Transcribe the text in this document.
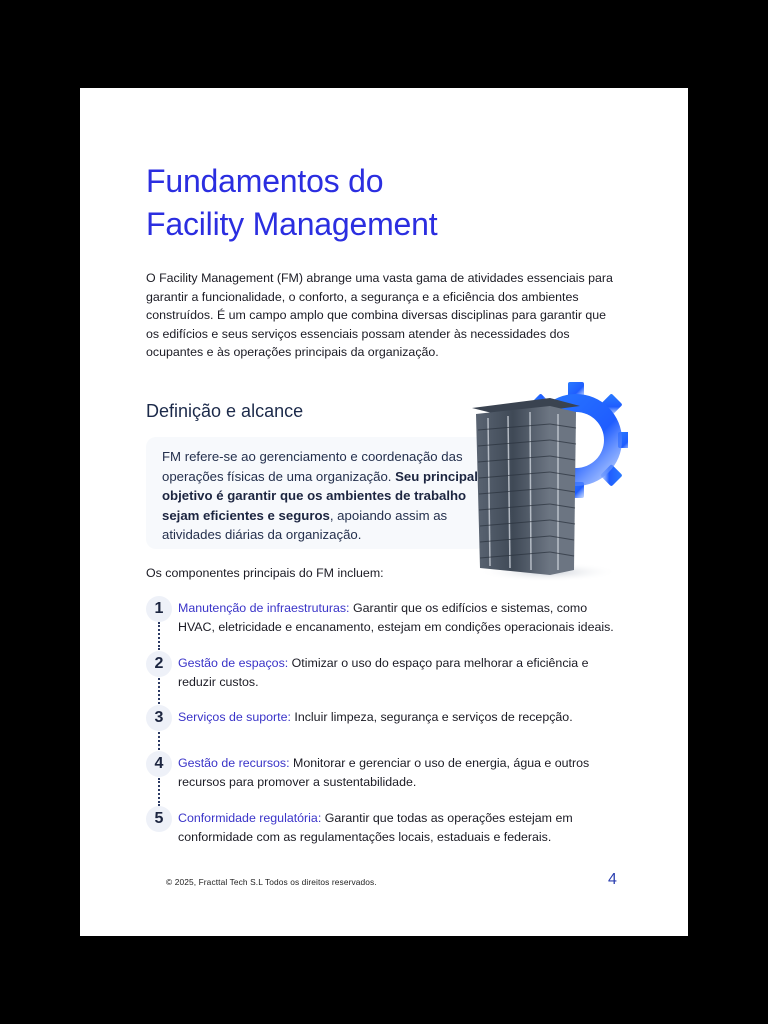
Fundamentos do
Facility Management

O Facility Management (FM) abrange uma vasta gama de atividades essenciais para garantir a funcionalidade, o conforto, a segurança e a eficiência dos ambientes construídos. É um campo amplo que combina diversas disciplinas para garantir que os edifícios e seus serviços essenciais possam atender às necessidades dos ocupantes e às operações principais da organização.

Definição e alcance

FM refere-se ao gerenciamento e coordenação das operações físicas de uma organização. Seu principal objetivo é garantir que os ambientes de trabalho sejam eficientes e seguros, apoiando assim as atividades diárias da organização.

Os componentes principais do FM incluem:

1	Manutenção de infraestruturas: Garantir que os edifícios e sistemas, como HVAC, eletricidade e encanamento, estejam em condições operacionais ideais.

2	Gestão de espaços: Otimizar o uso do espaço para melhorar a eficiência e reduzir custos.

3	Serviços de suporte: Incluir limpeza, segurança e serviços de recepção.

4	Gestão de recursos: Monitorar e gerenciar o uso de energia, água e outros recursos para promover a sustentabilidade.

5	Conformidade regulatória: Garantir que todas as operações estejam em conformidade com as regulamentações locais, estaduais e federais.

© 2025, Fracttal Tech S.L Todos os direitos reservados.	4
